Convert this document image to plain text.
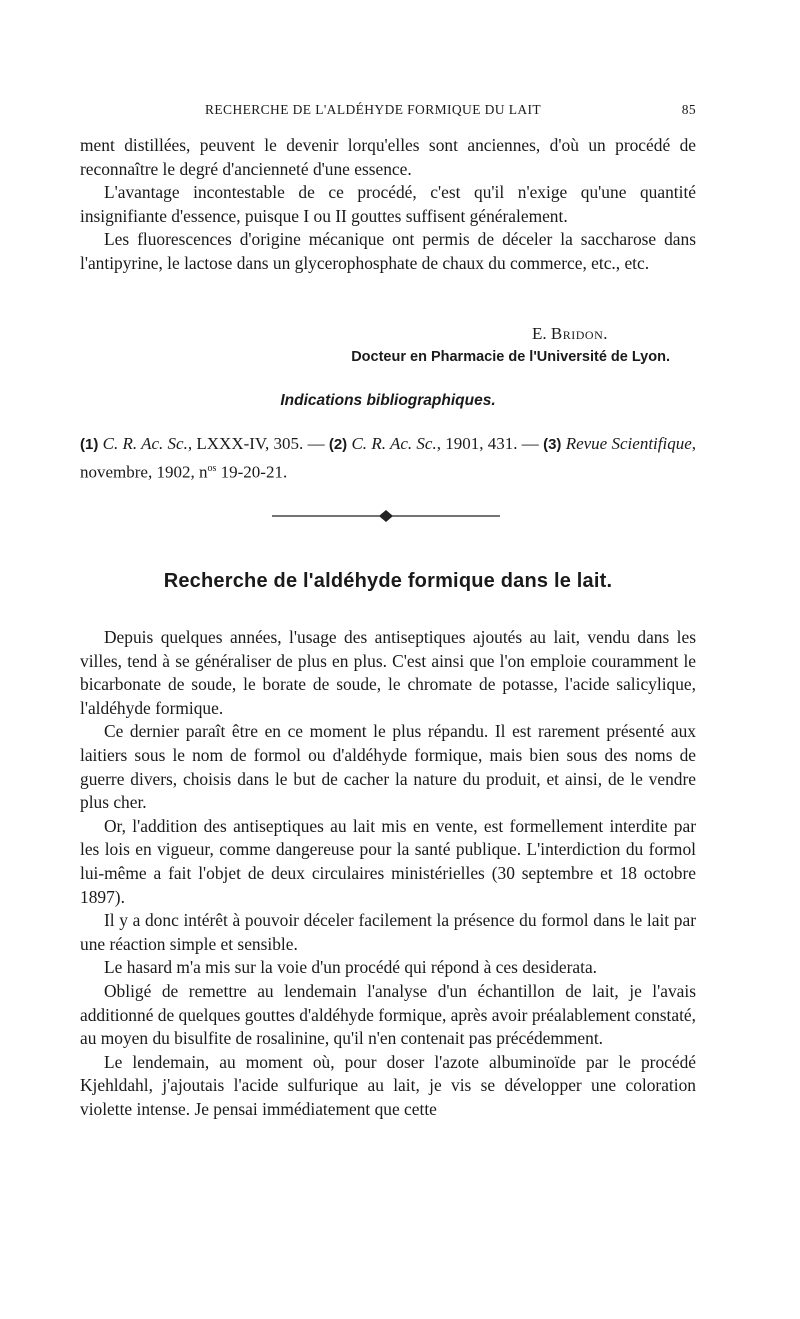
RECHERCHE DE L'ALDÉHYDE FORMIQUE DU LAIT	85

ment distillées, peuvent le devenir lorqu'elles sont anciennes, d'où un procédé de reconnaître le degré d'ancienneté d'une essence.

L'avantage incontestable de ce procédé, c'est qu'il n'exige qu'une quantité insignifiante d'essence, puisque I ou II gouttes suffisent généralement.

Les fluorescences d'origine mécanique ont permis de déceler la saccharose dans l'antipyrine, le lactose dans un glycerophosphate de chaux du commerce, etc., etc.

E. Bridon.
Docteur en Pharmacie de l'Université de Lyon.
Indications bibliographiques.
(1) C. R. Ac. Sc., LXXX-IV, 305. — (2) C. R. Ac. Sc., 1901, 431. — (3) Revue Scientifique, novembre, 1902, $n^{os}$ 19-20-21.
Recherche de l'aldéhyde formique dans le lait.

Depuis quelques années, l'usage des antiseptiques ajoutés au lait, vendu dans les villes, tend à se généraliser de plus en plus. C'est ainsi que l'on emploie couramment le bicarbonate de soude, le borate de soude, le chromate de potasse, l'acide salicylique, l'aldéhyde formique.

Ce dernier paraît être en ce moment le plus répandu. Il est rarement présenté aux laitiers sous le nom de formol ou d'aldéhyde formique, mais bien sous des noms de guerre divers, choisis dans le but de cacher la nature du produit, et ainsi, de le vendre plus cher.

Or, l'addition des antiseptiques au lait mis en vente, est formellement interdite par les lois en vigueur, comme dangereuse pour la santé publique. L'interdiction du formol lui-même a fait l'objet de deux circulaires ministérielles (30 septembre et 18 octobre 1897).

Il y a donc intérêt à pouvoir déceler facilement la présence du formol dans le lait par une réaction simple et sensible.

Le hasard m'a mis sur la voie d'un procédé qui répond à ces desiderata.

Obligé de remettre au lendemain l'analyse d'un échantillon de lait, je l'avais additionné de quelques gouttes d'aldéhyde formique, après avoir préalablement constaté, au moyen du bisulfite de rosalinine, qu'il n'en contenait pas précédemment.

Le lendemain, au moment où, pour doser l'azote albuminoïde par le procédé Kjehldahl, j'ajoutais l'acide sulfurique au lait, je vis se développer une coloration violette intense. Je pensai immédiatement que cette
